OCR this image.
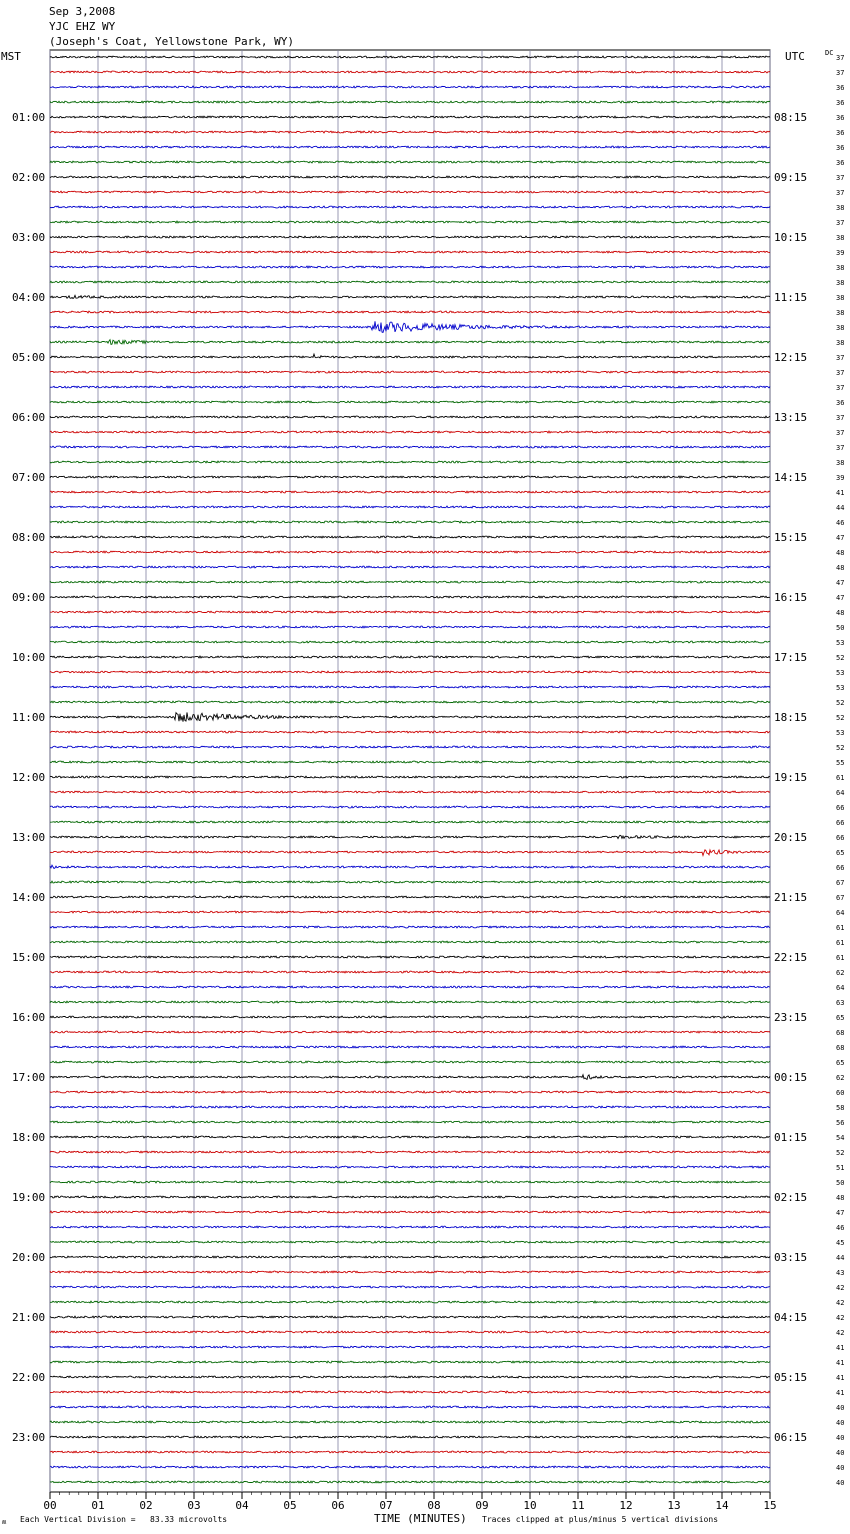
Sep 3,2008
YJC EHZ WY
(Joseph's Coat, Yellowstone Park, WY)
MST	UTC	DC
00	01	02	03	04	05	06	07	08	09	10	11	12	13	14	15
37
37
36
36
36
36
36
36
37
37
38
37
38
39
38
38
38
38
38
38
37
37
37
36
37
37
37
38
39
41
44
46
47
48
48
47
47
48
50
53
52
53
53
52
52
53
52
55
61
64
66
66
66
65
66
67
67
64
61
61
61
62
64
63
65
68
68
65
62
60
58
56
54
52
51
50
48
47
46
45
44
43
42
42
42
42
41
41
41
41
40
40
40
40
40
40
01:00
02:00
03:00
04:00
05:00
06:00
07:00
08:00
09:00
10:00
11:00
12:00
13:00
14:00
15:00
16:00
17:00
18:00
19:00
20:00
21:00
22:00
23:00
08:15
09:15
10:15
11:15
12:15
13:15
14:15
15:15
16:15
17:15
18:15
19:15
20:15
21:15
22:15
23:15
00:15
01:15
02:15
03:15
04:15
05:15
06:15
ʍ Each Vertical Division =   83.33 microvolts	TIME (MINUTES) Traces clipped at plus/minus 5 vertical divisions
